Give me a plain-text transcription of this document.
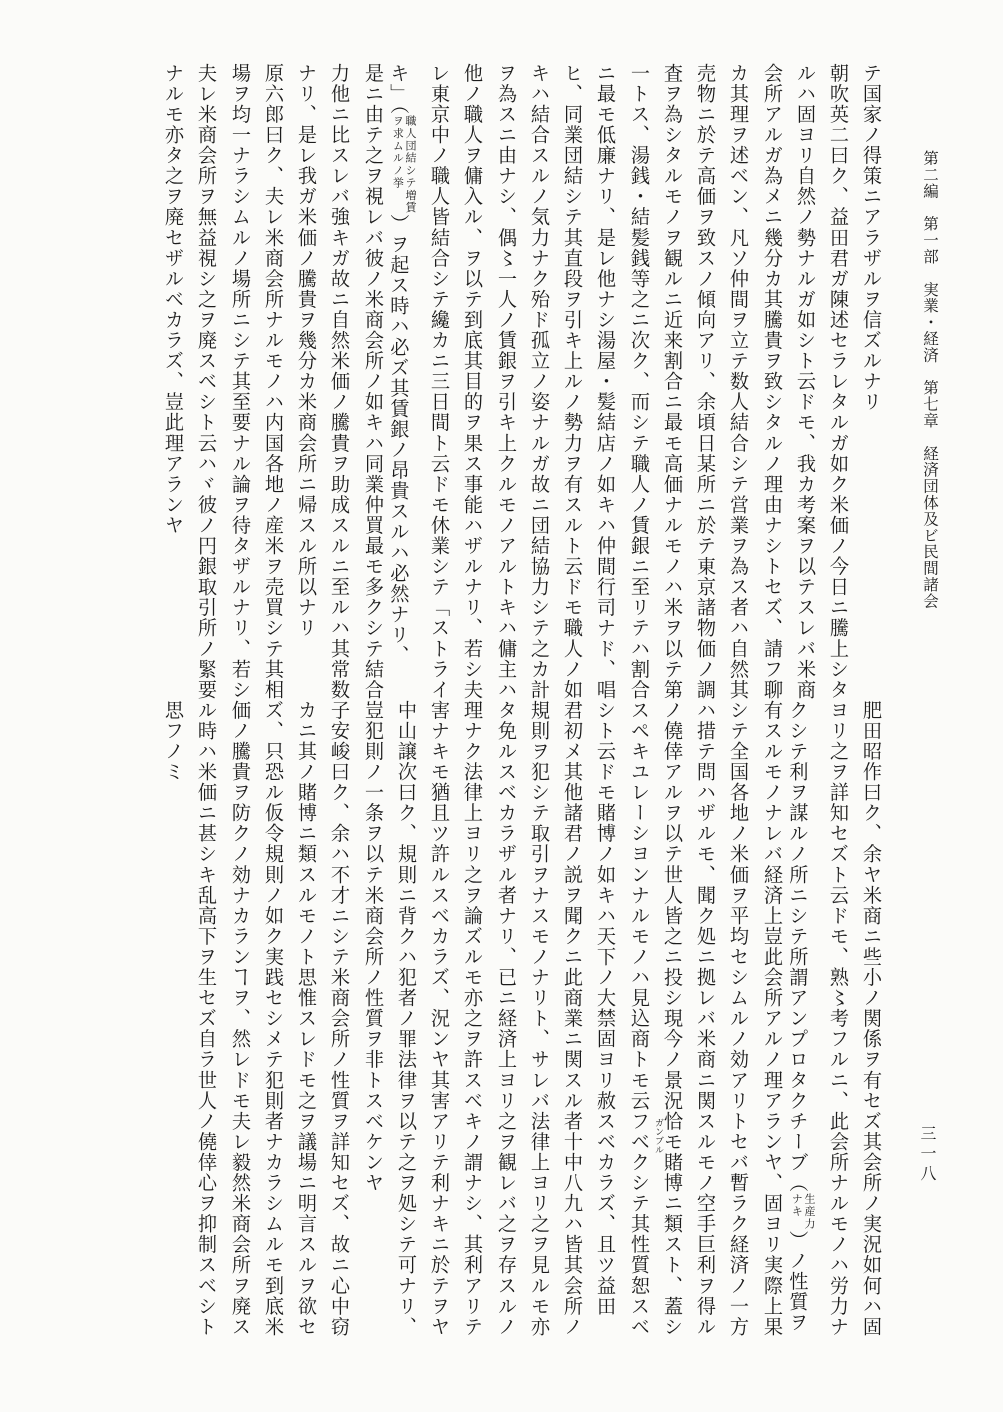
第二編　第一部　実業・経済　第七章　経済団体及ビ民間諸会
三一八
テ国家ノ得策ニアラザルヲ信ズルナリ
朝吹英二曰ク、益田君ガ陳述セラレタルガ如ク米価ノ今日ニ騰上シタ
ルハ固ヨリ自然ノ勢ナルガ如シト云ドモ、我カ考案ヲ以テスレバ米商
会所アルガ為メニ幾分カ其騰貴ヲ致シタルノ理由ナシトセズ、請フ聊
カ其理ヲ述ベン、凡ソ仲間ヲ立テ数人結合シテ営業ヲ為ス者ハ自然其
売物ニ於テ高価ヲ致スノ傾向アリ、余頃日某所ニ於テ東京諸物価ノ調
査ヲ為シタルモノヲ観ルニ近来割合ニ最モ高価ナルモノハ米ヲ以テ第
一トス、湯銭・結髪銭等之ニ次ク、而シテ職人ノ賃銀ニ至リテハ割合
ニ最モ低廉ナリ、是レ他ナシ湯屋・髪結店ノ如キハ仲間行司ナド、唱
ヒ、同業団結シテ其直段ヲ引キ上ルノ勢力ヲ有スルト云ドモ職人ノ如
キハ結合スルノ気力ナク殆ド孤立ノ姿ナルガ故ニ団結協力シテ之カ計
ヲ為スニ由ナシ、偶〻一人ノ賃銀ヲ引キ上クルモノアルトキハ傭主ハ
他ノ職人ヲ傭入ル、ヲ以テ到底其目的ヲ果ス事能ハザルナリ、若シ夫
レ東京中ノ職人皆結合シテ纔カニ三日間ト云ドモ休業シテ「ストライ
キ」（職人団結シテ増賃
ヲ求ムルノ挙）ヲ起ス時ハ必ズ其賃銀ノ昂貴スルハ必然ナリ、
是ニ由テ之ヲ視レバ彼ノ米商会所ノ如キハ同業仲買最モ多クシテ結合
力他ニ比スレバ強キガ故ニ自然米価ノ騰貴ヲ助成スルニ至ルハ其常数
ナリ、是レ我ガ米価ノ騰貴ヲ幾分カ米商会所ニ帰スル所以ナリ
原六郎曰ク、夫レ米商会所ナルモノハ内国各地ノ産米ヲ売買シテ其相
場ヲ均一ナラシムルノ場所ニシテ其至要ナル論ヲ待タザルナリ、若シ
夫レ米商会所ヲ無益視シ之ヲ廃スベシト云ハヾ彼ノ円銀取引所ノ緊要
ナルモ亦タ之ヲ廃セザルベカラズ、豈此理アランヤ
肥田昭作曰ク、余ヤ米商ニ些小ノ関係ヲ有セズ其会所ノ実況如何ハ固
ヨリ之ヲ詳知セズト云ドモ、熟〻考フルニ、此会所ナルモノハ労力ナ
クシテ利ヲ謀ルノ所ニシテ所謂アンプロタクチーブ（生産力
ナキ）ノ性質ヲ
有スルモノナレバ経済上豈此会所アルノ理アランヤ、固ヨリ実際上果
シテ全国各地ノ米価ヲ平均セシムルノ効アリトセバ暫ラク経済ノ一方
ハ措テ問ハザルモ、聞ク処ニ拠レバ米商ニ関スルモノ空手巨利ヲ得ル
ノ僥倖アルヲ以テ世人皆之ニ投シ現今ノ景況恰モ賭博ニ類スト、蓋シ
スペキユレーシヨンナルモノハ見込商トモ云フベクシテ其性質恕スベ
シト云ドモ賭博ノ如キハ天下ノ大禁固ヨリ赦スベカラズ、且ツ益田
君初メ其他諸君ノ説ヲ聞クニ此商業ニ関スル者十中八九ハ皆其会所ノ
規則ヲ犯シテ取引ヲナスモノナリト、サレバ法律上ヨリ之ヲ見ルモ亦
タ免ルスベカラザル者ナリ、已ニ経済上ヨリ之ヲ観レバ之ヲ存スルノ
理ナク法律上ヨリ之ヲ論ズルモ亦之ヲ許スベキノ謂ナシ、其利アリテ
害ナキモ猶且ツ許ルスベカラズ、況ンヤ其害アリテ利ナキニ於テヲヤ
中山譲次曰ク、規則ニ背クハ犯者ノ罪法律ヲ以テ之ヲ処シテ可ナリ、
豈犯則ノ一条ヲ以テ米商会所ノ性質ヲ非トスベケンヤ
子安峻曰ク、余ハ不才ニシテ米商会所ノ性質ヲ詳知セズ、故ニ心中窃
カニ其ノ賭博ニ類スルモノト思惟スレドモ之ヲ議場ニ明言スルヲ欲セ
ズ、只恐ル仮令規則ノ如ク実践セシメテ犯則者ナカラシムルモ到底米
価ノ騰貴ヲ防クノ効ナカランヿヲ、然レドモ夫レ毅然米商会所ヲ廃ス
ル時ハ米価ニ甚シキ乱高下ヲ生セズ自ラ世人ノ僥倖心ヲ抑制スベシト
思フノミ
ガンブル
